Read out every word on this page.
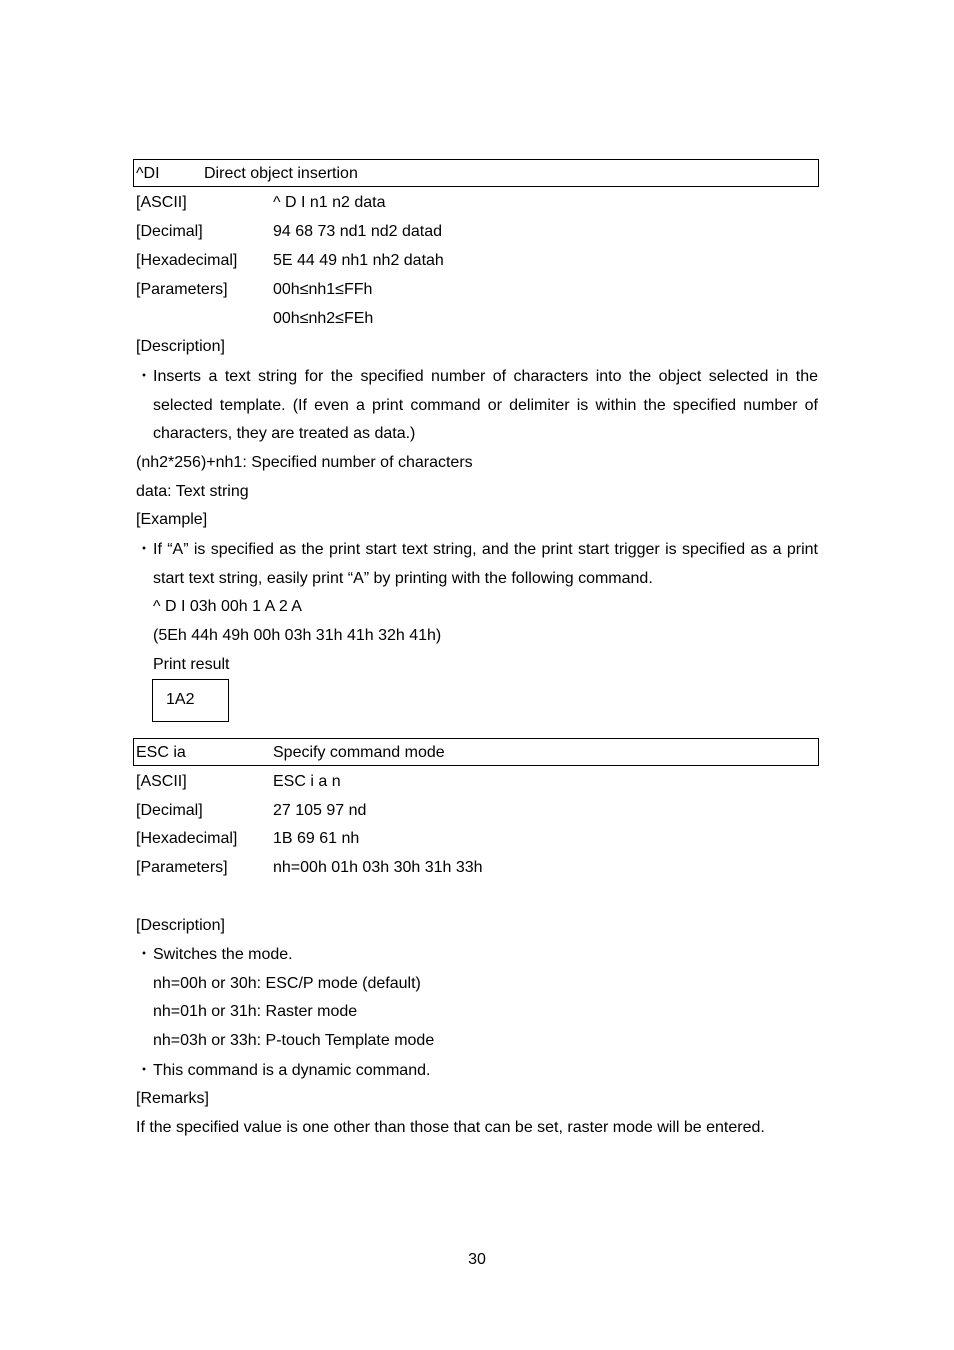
^DI	Direct object insertion
[ASCII]	^ D I n1 n2 data
[Decimal]	94 68 73 nd1 nd2 datad
[Hexadecimal] 5E 44 49 nh1 nh2 datah
[Parameters]	00h≤nh1≤FFh
00h≤nh2≤FEh
[Description]
・ Inserts a text string for the specified number of characters into the object selected in the selected template. (If even a print command or delimiter is within the specified number of characters, they are treated as data.)
(nh2*256)+nh1: Specified number of characters
data: Text string
[Example]
・ If “A” is specified as the print start text string, and the print start trigger is specified as a print start text string, easily print “A” by printing with the following command.
^ D I 03h 00h 1 A 2 A
(5Eh 44h 49h 00h 03h 31h 41h 32h 41h)
Print result
1A2
ESC ia	Specify command mode
[ASCII]	ESC i a n
[Decimal]	27 105 97 nd
[Hexadecimal] 1B 69 61 nh
[Parameters]	nh=00h 01h 03h 30h 31h 33h
[Description]
・ Switches the mode.
nh=00h or 30h: ESC/P mode (default)
nh=01h or 31h: Raster mode
nh=03h or 33h: P-touch Template mode
・ This command is a dynamic command.
[Remarks]
If the specified value is one other than those that can be set, raster mode will be entered.
30
